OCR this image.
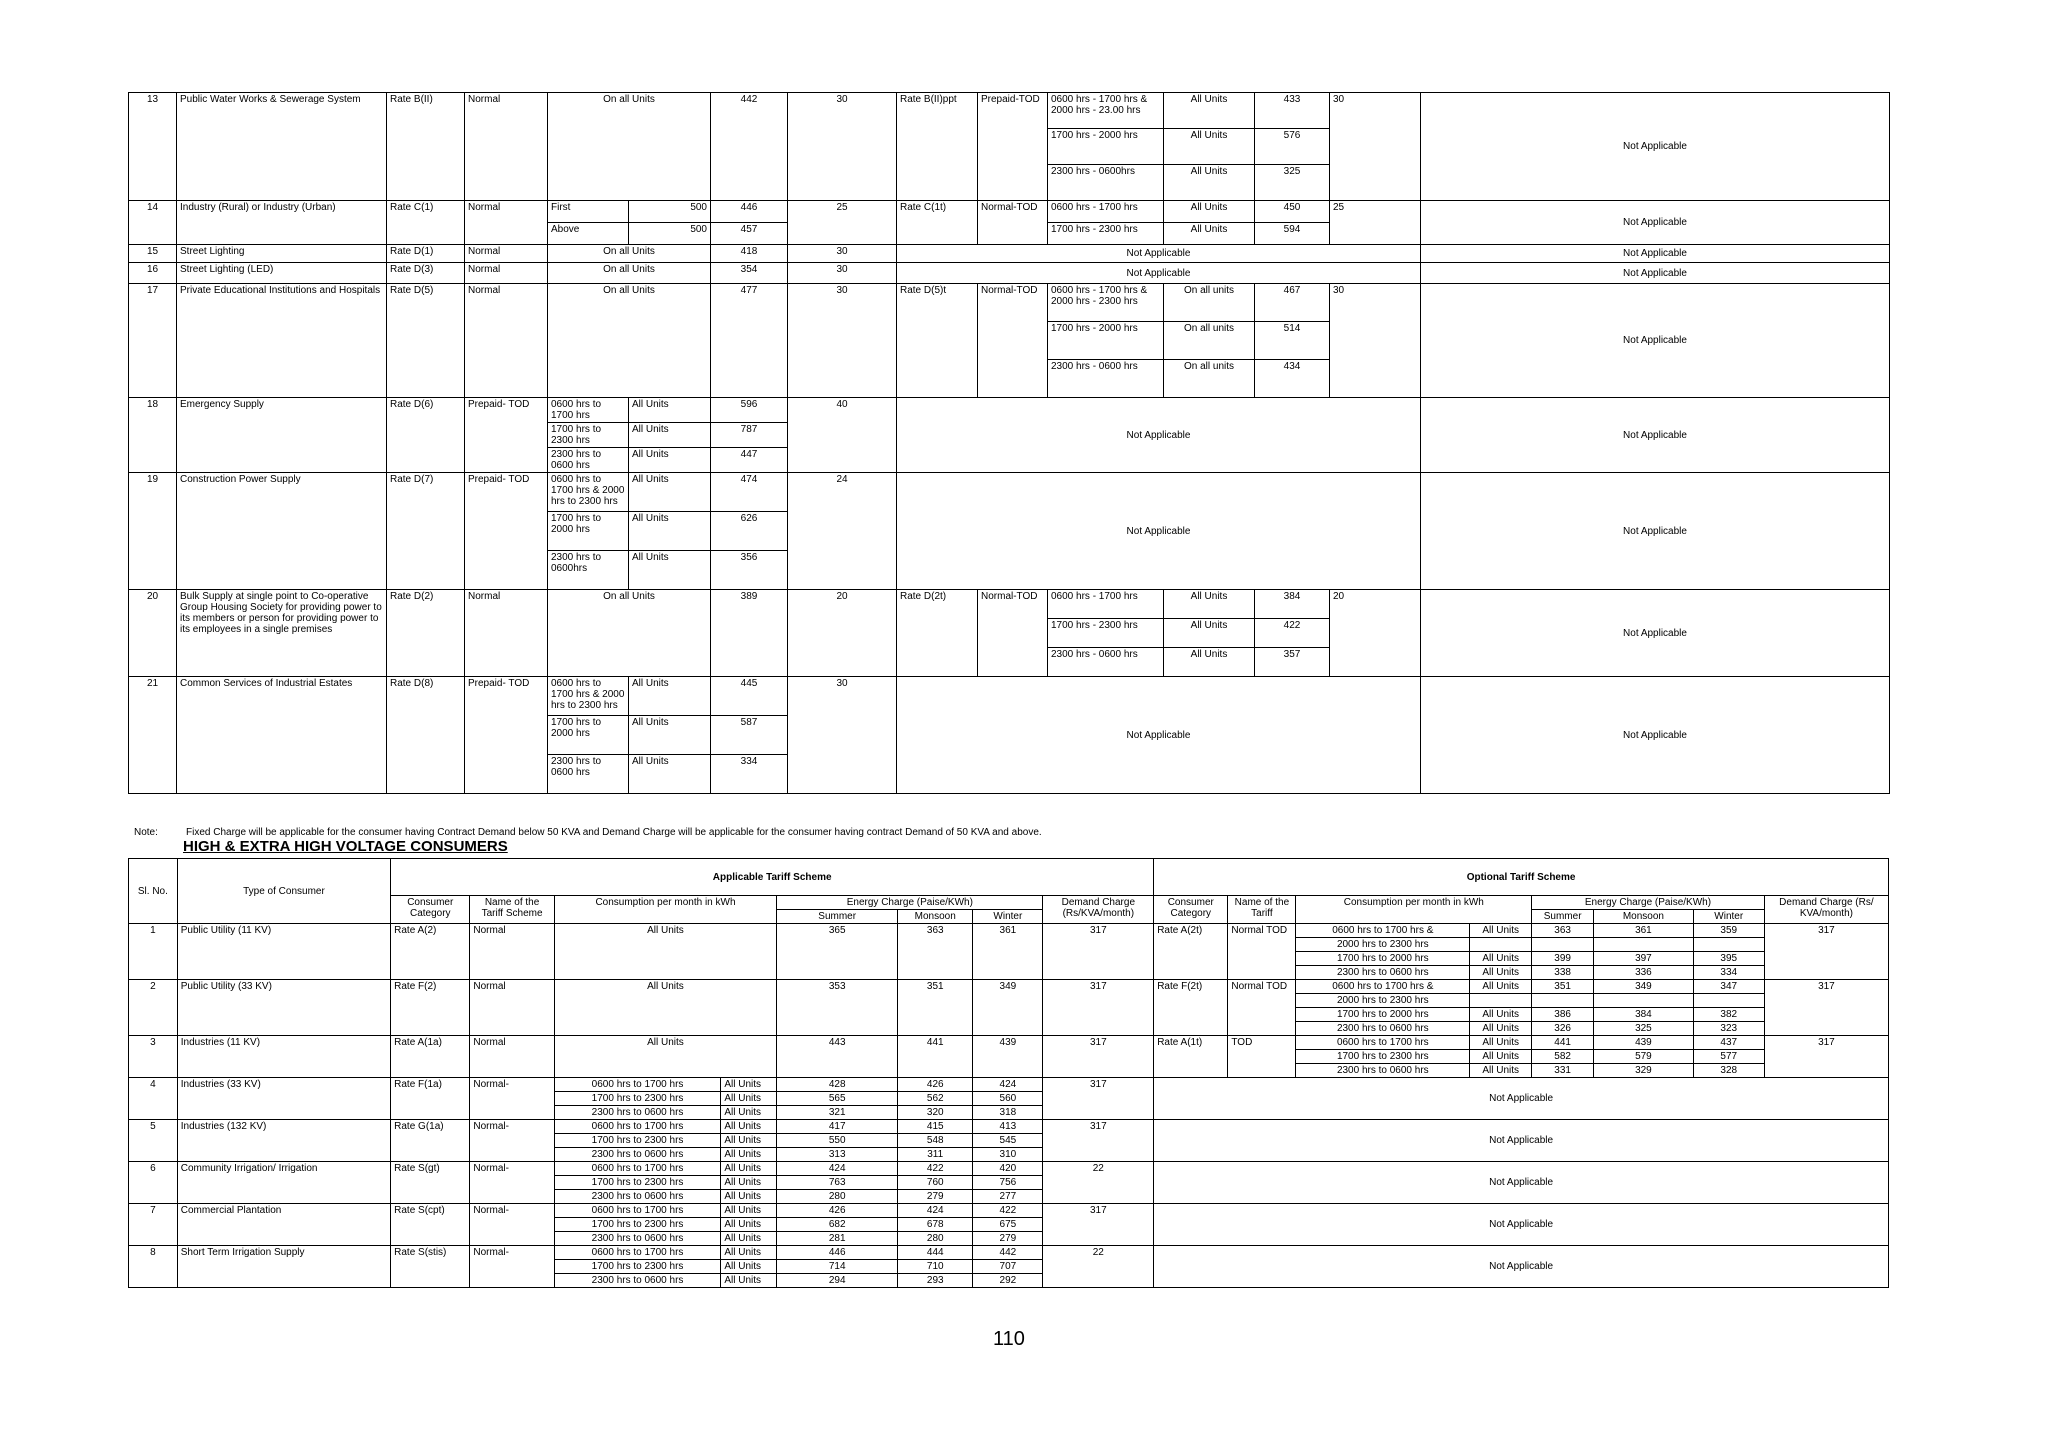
13	Public Water Works & Sewerage System	Rate B(II)	Normal	On all Units		442	30	Rate B(II)ppt	Prepaid-TOD	0600 hrs - 1700 hrs & 2000 hrs - 23.00 hrs	All Units	433	30	Not Applicable
										1700 hrs - 2000 hrs	All Units	576		
										2300 hrs - 0600hrs	All Units	325		
14	Industry (Rural) or Industry (Urban)	Rate C(1)	Normal	First	500	446	25	Rate C(1t)	Normal-TOD	0600 hrs - 1700 hrs	All Units	450	25	Not Applicable
				Above	500	457				1700 hrs - 2300 hrs	All Units	594		
15	Street Lighting	Rate D(1)	Normal	On all Units		418	30	Not Applicable						Not Applicable
16	Street Lighting (LED)	Rate D(3)	Normal	On all Units		354	30	Not Applicable						Not Applicable
17	Private Educational Institutions and Hospitals	Rate D(5)	Normal	On all Units		477	30	Rate D(5)t	Normal-TOD	0600 hrs - 1700 hrs & 2000 hrs - 2300 hrs	On all units	467	30	Not Applicable
										1700 hrs - 2000 hrs	On all units	514		
										2300 hrs - 0600 hrs	On all units	434		
18	Emergency Supply	Rate D(6)	Prepaid- TOD	0600 hrs to 1700 hrs	All Units	596	40	Not Applicable						Not Applicable
				1700 hrs to 2300 hrs	All Units	787								
				2300 hrs to 0600 hrs	All Units	447								
19	Construction Power Supply	Rate D(7)	Prepaid- TOD	0600 hrs to 1700 hrs & 2000 hrs to 2300 hrs	All Units	474	24	Not Applicable						Not Applicable
				1700 hrs to 2000 hrs	All Units	626								
				2300 hrs to 0600hrs	All Units	356								
20	Bulk Supply at single point to Co-operative Group Housing Society for providing power to its members or person for providing power to its employees in a single premises	Rate D(2)	Normal	On all Units		389	20	Rate D(2t)	Normal-TOD	0600 hrs - 1700 hrs	All Units	384	20	Not Applicable
										1700 hrs - 2300 hrs	All Units	422		
										2300 hrs - 0600 hrs	All Units	357		
21	Common Services of Industrial Estates	Rate D(8)	Prepaid- TOD	0600 hrs to 1700 hrs & 2000 hrs to 2300 hrs	All Units	445	30	Not Applicable						Not Applicable
				1700 hrs to 2000 hrs	All Units	587								
				2300 hrs to 0600 hrs	All Units	334								
Note:	Fixed Charge will be applicable for the consumer having Contract Demand below 50 KVA and Demand Charge will be applicable for the consumer having contract Demand of 50 KVA and above.
HIGH & EXTRA HIGH VOLTAGE CONSUMERS
Sl. No.	Type of Consumer	Applicable Tariff Scheme								Optional Tariff Scheme							
		Consumer Category	Name of the Tariff Scheme	Consumption per month in kWh		Energy Charge (Paise/KWh)			Demand Charge (Rs/KVA/month)	Consumer Category	Name of the Tariff	Consumption per month in kWh		Energy Charge (Paise/KWh)			Demand Charge (Rs/ KVA/month)
						Summer	Monsoon	Winter						Summer	Monsoon	Winter	
1	Public Utility (11 KV)	Rate A(2)	Normal	All Units		365	363	361	317	Rate A(2t)	Normal TOD	0600 hrs to 1700 hrs &	All Units	363	361	359	317
												2000 hrs to 2300 hrs					
												1700 hrs to 2000 hrs	All Units	399	397	395	
												2300 hrs to 0600 hrs	All Units	338	336	334	
2	Public Utility (33 KV)	Rate F(2)	Normal	All Units		353	351	349	317	Rate F(2t)	Normal TOD	0600 hrs to 1700 hrs &	All Units	351	349	347	317
												2000 hrs to 2300 hrs					
												1700 hrs to 2000 hrs	All Units	386	384	382	
												2300 hrs to 0600 hrs	All Units	326	325	323	
3	Industries (11 KV)	Rate A(1a)	Normal	All Units		443	441	439	317	Rate A(1t)	TOD	0600 hrs to 1700 hrs	All Units	441	439	437	317
												1700 hrs to 2300 hrs	All Units	582	579	577	
												2300 hrs to 0600 hrs	All Units	331	329	328	
4	Industries (33 KV)	Rate F(1a)	Normal-	0600 hrs to 1700 hrs	All Units	428	426	424	317	Not Applicable							
				1700 hrs to 2300 hrs	All Units	565	562	560									
				2300 hrs to 0600 hrs	All Units	321	320	318									
5	Industries (132 KV)	Rate G(1a)	Normal-	0600 hrs to 1700 hrs	All Units	417	415	413	317	Not Applicable							
				1700 hrs to 2300 hrs	All Units	550	548	545									
				2300 hrs to 0600 hrs	All Units	313	311	310									
6	Community Irrigation/ Irrigation	Rate S(gt)	Normal-	0600 hrs to 1700 hrs	All Units	424	422	420	22	Not Applicable							
				1700 hrs to 2300 hrs	All Units	763	760	756									
				2300 hrs to 0600 hrs	All Units	280	279	277									
7	Commercial Plantation	Rate S(cpt)	Normal-	0600 hrs to 1700 hrs	All Units	426	424	422	317	Not Applicable							
				1700 hrs to 2300 hrs	All Units	682	678	675									
				2300 hrs to 0600 hrs	All Units	281	280	279									
8	Short Term Irrigation Supply	Rate S(stis)	Normal-	0600 hrs to 1700 hrs	All Units	446	444	442	22	Not Applicable							
				1700 hrs to 2300 hrs	All Units	714	710	707									
				2300 hrs to 0600 hrs	All Units	294	293	292									
110
